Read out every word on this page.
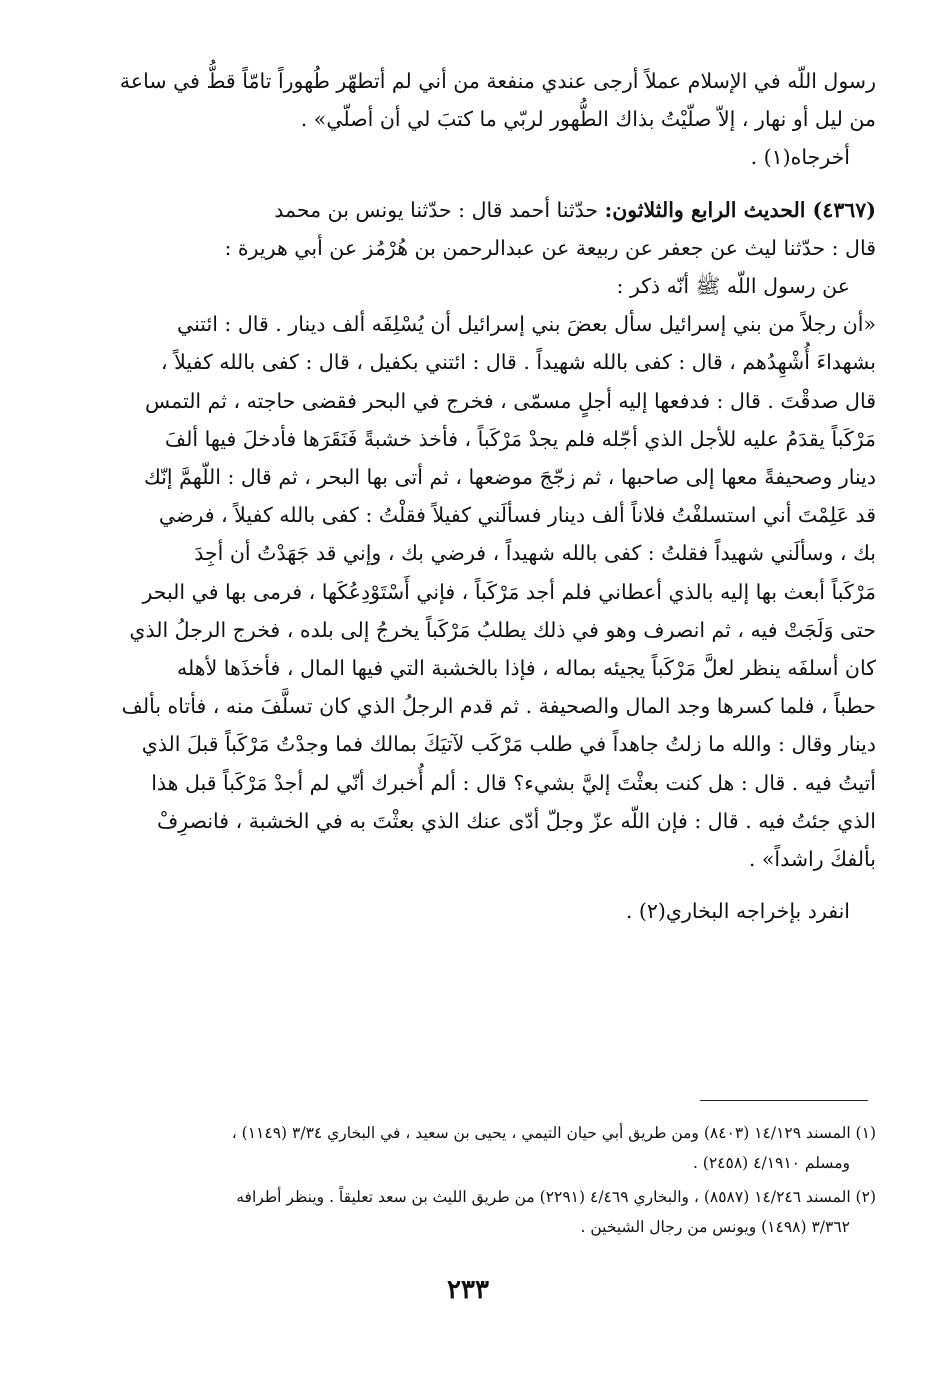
رسول اللّه في الإسلام عملاً أرجى عندي منفعة من أني لم أتطهّر طُهوراً تامّاً قطُّ في ساعة

من ليل أو نهار ، إلاّ صلّيْتُ بذاك الطُّهور لربّي ما كتبَ لي أن أصلّي» .

أخرجاه(١) .

(٤٣٦٧) الحديث الرابع والثلاثون: حدّثنا أحمد قال : حدّثنا يونس بن محمد

قال : حدّثنا ليث عن جعفر عن ربيعة عن عبدالرحمن بن هُرْمُز عن أبي هريرة :

عن رسول اللّه ﷺ أنّه ذكر :

«أن رجلاً من بني إسرائيل سأل بعضَ بني إسرائيل أن يُسْلِفَه ألف دينار . قال : ائتني

بشهداءَ أُشْهِدُهم ، قال : كفى بالله شهيداً . قال : ائتني بكفيل ، قال : كفى بالله كفيلاً ،

قال صدقْتَ . قال : فدفعها إليه أجلٍ مسمّى ، فخرج في البحر فقضى حاجته ، ثم التمس

مَرْكَباً يقدَمُ عليه للأجل الذي أجّله فلم يجدْ مَرْكَباً ، فأخذ خشبةً فَنَقَرَها فأدخلَ فيها ألفَ

دينار وصحيفةً معها إلى صاحبها ، ثم زجّجَ موضعها ، ثم أتى بها البحر ، ثم قال : اللّهمَّ إنّك

قد عَلِمْتَ أني استسلفْتُ فلاناً ألف دينار فسألَني كفيلاً فقلْتُ : كفى بالله كفيلاً ، فرضي

بك ، وسألَني شهيداً فقلتُ : كفى بالله شهيداً ، فرضي بك ، وإني قد جَهَدْتُ أن أجِدَ

مَرْكَباً أبعث بها إليه بالذي أعطاني فلم أجد مَرْكَباً ، فإني أَسْتَوْدِعُكَها ، فرمى بها في البحر

حتى وَلَجَتْ فيه ، ثم انصرف وهو في ذلك يطلبُ مَرْكَباً يخرجُ إلى بلده ، فخرج الرجلُ الذي

كان أسلفَه ينظر لعلَّ مَرْكَباً يجيئه بماله ، فإذا بالخشبة التي فيها المال ، فأخذَها لأهله

حطباً ، فلما كسرها وجد المال والصحيفة . ثم قدم الرجلُ الذي كان تسلَّفَ منه ، فأتاه بألف

دينار وقال : والله ما زلتُ جاهداً في طلب مَرْكَب لآتيَكَ بمالك فما وجدْتُ مَرْكَباً قبلَ الذي

أتيتُ فيه . قال : هل كنت بعثْتَ إليَّ بشيء؟ قال : ألم أُخبرك أنّي لم أجدْ مَرْكَباً قبل هذا

الذي جئتُ فيه . قال : فإن اللّه عزّ وجلّ أدّى عنك الذي بعثْتَ به في الخشبة ، فانصرِفْ

بألفكَ راشداً» .

انفرد بإخراجه البخاري(٢) .

(١) المسند ١٤/١٢٩ (٨٤٠٣) ومن طريق أبي حيان التيمي ، يحيى بن سعيد ، في البخاري ٣/٣٤ (١١٤٩) ،
ومسلم ٤/١٩١٠ (٢٤٥٨) .

(٢) المسند ١٤/٢٤٦ (٨٥٨٧) ، والبخاري ٤/٤٦٩ (٢٢٩١) من طريق الليث بن سعد تعليقاً . وينظر أطرافه
٣/٣٦٢ (١٤٩٨) ويونس من رجال الشيخين .

٢٣٣
